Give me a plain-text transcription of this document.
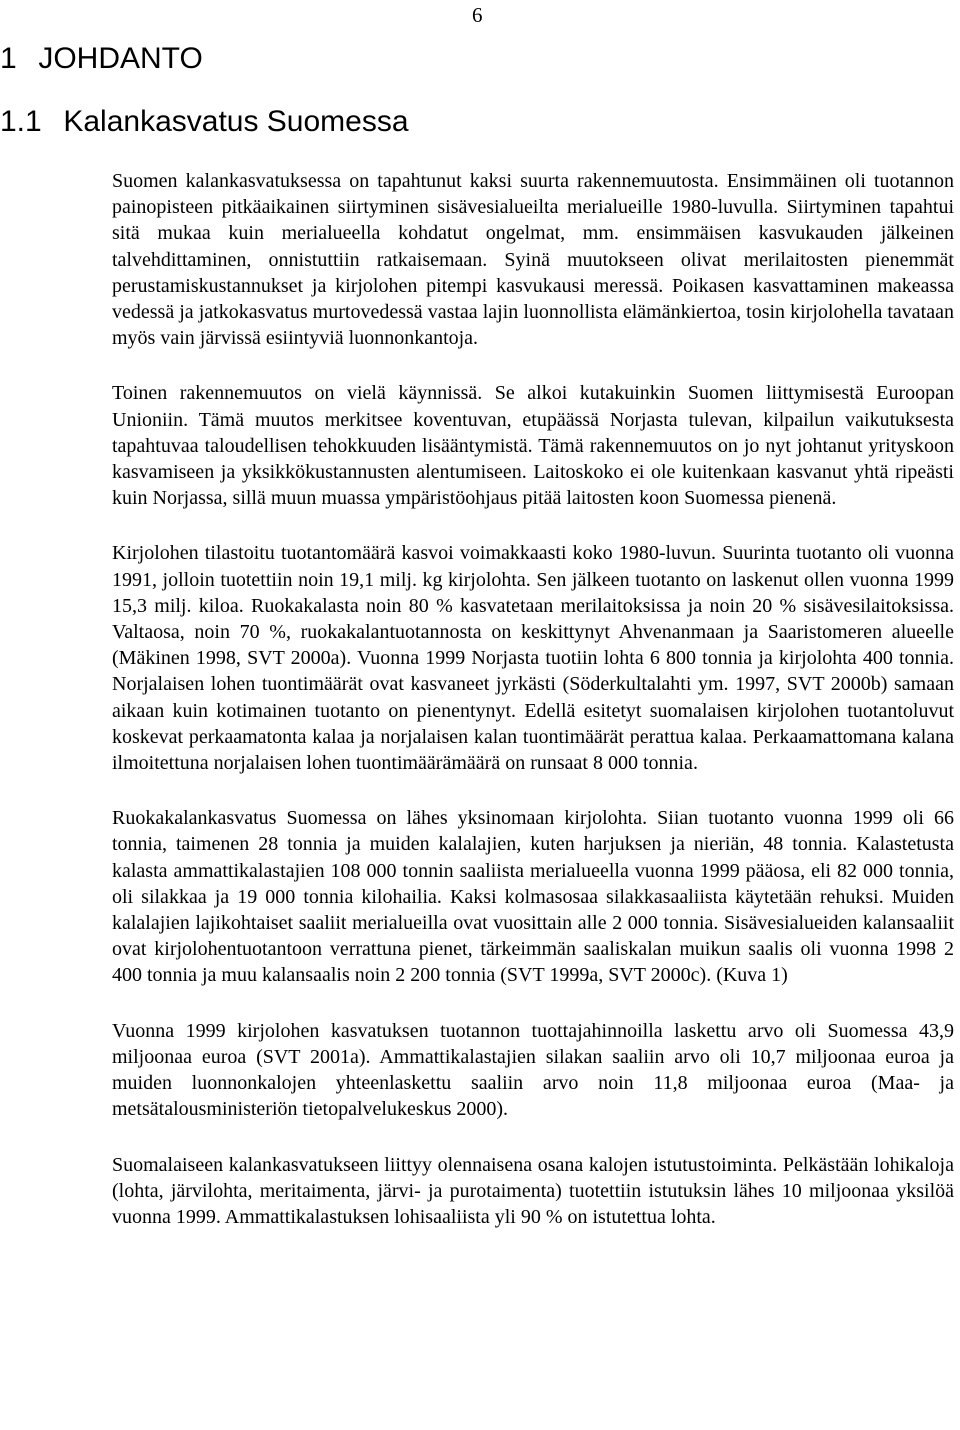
6
1 JOHDANTO
1.1 Kalankasvatus Suomessa

Suomen kalankasvatuksessa on tapahtunut kaksi suurta rakennemuutosta. Ensimmäinen oli tuotannon painopisteen pitkäaikainen siirtyminen sisävesialueilta merialueille 1980-luvulla. Siirtyminen tapahtui sitä mukaa kuin merialueella kohdatut ongelmat, mm. ensimmäisen kasvukauden jälkeinen talvehdittaminen, onnistuttiin ratkaisemaan. Syinä muutokseen olivat merilaitosten pienemmät perustamiskustannukset ja kirjolohen pitempi kasvukausi meressä. Poikasen kasvattaminen makeassa vedessä ja jatkokasvatus murtovedessä vastaa lajin luonnollista elämänkiertoa, tosin kirjolohella tavataan myös vain järvissä esiintyviä luonnonkantoja.

Toinen rakennemuutos on vielä käynnissä. Se alkoi kutakuinkin Suomen liittymisestä Euroopan Unioniin. Tämä muutos merkitsee koventuvan, etupäässä Norjasta tulevan, kilpailun vaikutuksesta tapahtuvaa taloudellisen tehokkuuden lisääntymistä. Tämä rakennemuutos on jo nyt johtanut yrityskoon kasvamiseen ja yksikkökustannusten alentumiseen. Laitoskoko ei ole kuitenkaan kasvanut yhtä ripeästi kuin Norjassa, sillä muun muassa ympäristöohjaus pitää laitosten koon Suomessa pienenä.

Kirjolohen tilastoitu tuotantomäärä kasvoi voimakkaasti koko 1980-luvun. Suurinta tuotanto oli vuonna 1991, jolloin tuotettiin noin 19,1 milj. kg kirjolohta. Sen jälkeen tuotanto on laskenut ollen vuonna 1999 15,3 milj. kiloa. Ruokakalasta noin 80 % kasvatetaan merilaitoksissa ja noin 20 % sisävesilaitoksissa. Valtaosa, noin 70 %, ruokakalantuotannosta on keskittynyt Ahvenanmaan ja Saaristomeren alueelle (Mäkinen 1998, SVT 2000a). Vuonna 1999 Norjasta tuotiin lohta 6 800 tonnia ja kirjolohta 400 tonnia. Norjalaisen lohen tuontimäärät ovat kasvaneet jyrkästi (Söderkultalahti ym. 1997, SVT 2000b) samaan aikaan kuin kotimainen tuotanto on pienentynyt. Edellä esitetyt suomalaisen kirjolohen tuotantoluvut koskevat perkaamatonta kalaa ja norjalaisen kalan tuontimäärät perattua kalaa. Perkaamattomana kalana ilmoitettuna norjalaisen lohen tuontimäärämäärä on runsaat 8 000 tonnia.

Ruokakalankasvatus Suomessa on lähes yksinomaan kirjolohta. Siian tuotanto vuonna 1999 oli 66 tonnia, taimenen 28 tonnia ja muiden kalalajien, kuten harjuksen ja nieriän, 48 tonnia. Kalastetusta kalasta ammattikalastajien 108 000 tonnin saaliista merialueella vuonna 1999 pääosa, eli 82 000 tonnia, oli silakkaa ja 19 000 tonnia kilohailia. Kaksi kolmasosaa silakkasaaliista käytetään rehuksi. Muiden kalalajien lajikohtaiset saaliit merialueilla ovat vuosittain alle 2 000 tonnia. Sisävesialueiden kalansaaliit ovat kirjolohentuotantoon verrattuna pienet, tärkeimmän saaliskalan muikun saalis oli vuonna 1998 2 400 tonnia ja muu kalansaalis noin 2 200 tonnia (SVT 1999a, SVT 2000c). (Kuva 1)

Vuonna 1999 kirjolohen kasvatuksen tuotannon tuottajahinnoilla laskettu arvo oli Suomessa 43,9 miljoonaa euroa (SVT 2001a). Ammattikalastajien silakan saaliin arvo oli 10,7 miljoonaa euroa ja muiden luonnonkalojen yhteenlaskettu saaliin arvo noin 11,8 miljoonaa euroa (Maa- ja metsätalousministeriön tietopalvelukeskus 2000).

Suomalaiseen kalankasvatukseen liittyy olennaisena osana kalojen istutustoiminta. Pelkästään lohikaloja (lohta, järvilohta, meritaimenta, järvi- ja purotaimenta) tuotettiin istutuksin lähes 10 miljoonaa yksilöä vuonna 1999. Ammattikalastuksen lohisaaliista yli 90 % on istutettua lohta.
